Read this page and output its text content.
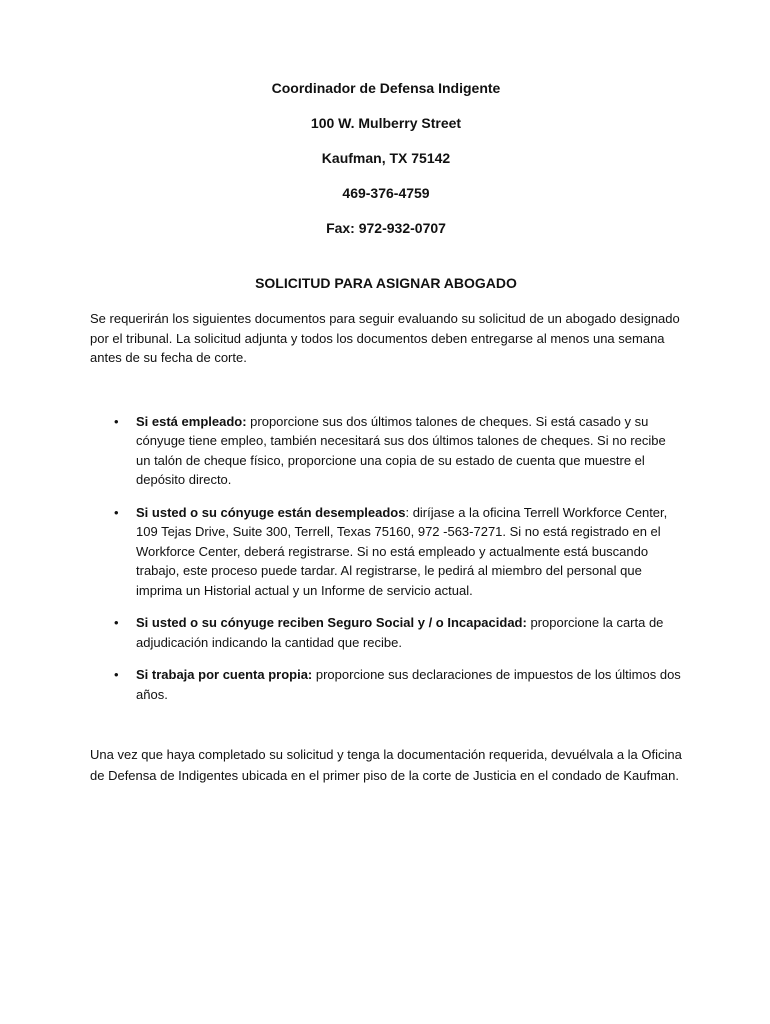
Coordinador de Defensa Indigente
100 W. Mulberry Street
Kaufman, TX 75142
469-376-4759
Fax: 972-932-0707
SOLICITUD PARA ASIGNAR ABOGADO

Se requerirán los siguientes documentos para seguir evaluando su solicitud de un abogado designado por el tribunal. La solicitud adjunta y todos los documentos deben entregarse al menos una semana antes de su fecha de corte.

• Si está empleado: proporcione sus dos últimos talones de cheques. Si está casado y su cónyuge tiene empleo, también necesitará sus dos últimos talones de cheques. Si no recibe un talón de cheque físico, proporcione una copia de su estado de cuenta que muestre el depósito directo.
• Si usted o su cónyuge están desempleados: diríjase a la oficina Terrell Workforce Center, 109 Tejas Drive, Suite 300, Terrell, Texas 75160, 972 -563-7271. Si no está registrado en el Workforce Center, deberá registrarse. Si no está empleado y actualmente está buscando trabajo, este proceso puede tardar. Al registrarse, le pedirá al miembro del personal que imprima un Historial actual y un Informe de servicio actual.
• Si usted o su cónyuge reciben Seguro Social y / o Incapacidad: proporcione la carta de adjudicación indicando la cantidad que recibe.
• Si trabaja por cuenta propia: proporcione sus declaraciones de impuestos de los últimos dos años.

Una vez que haya completado su solicitud y tenga la documentación requerida, devuélvala a la Oficina de Defensa de Indigentes ubicada en el primer piso de la corte de Justicia en el condado de Kaufman.
